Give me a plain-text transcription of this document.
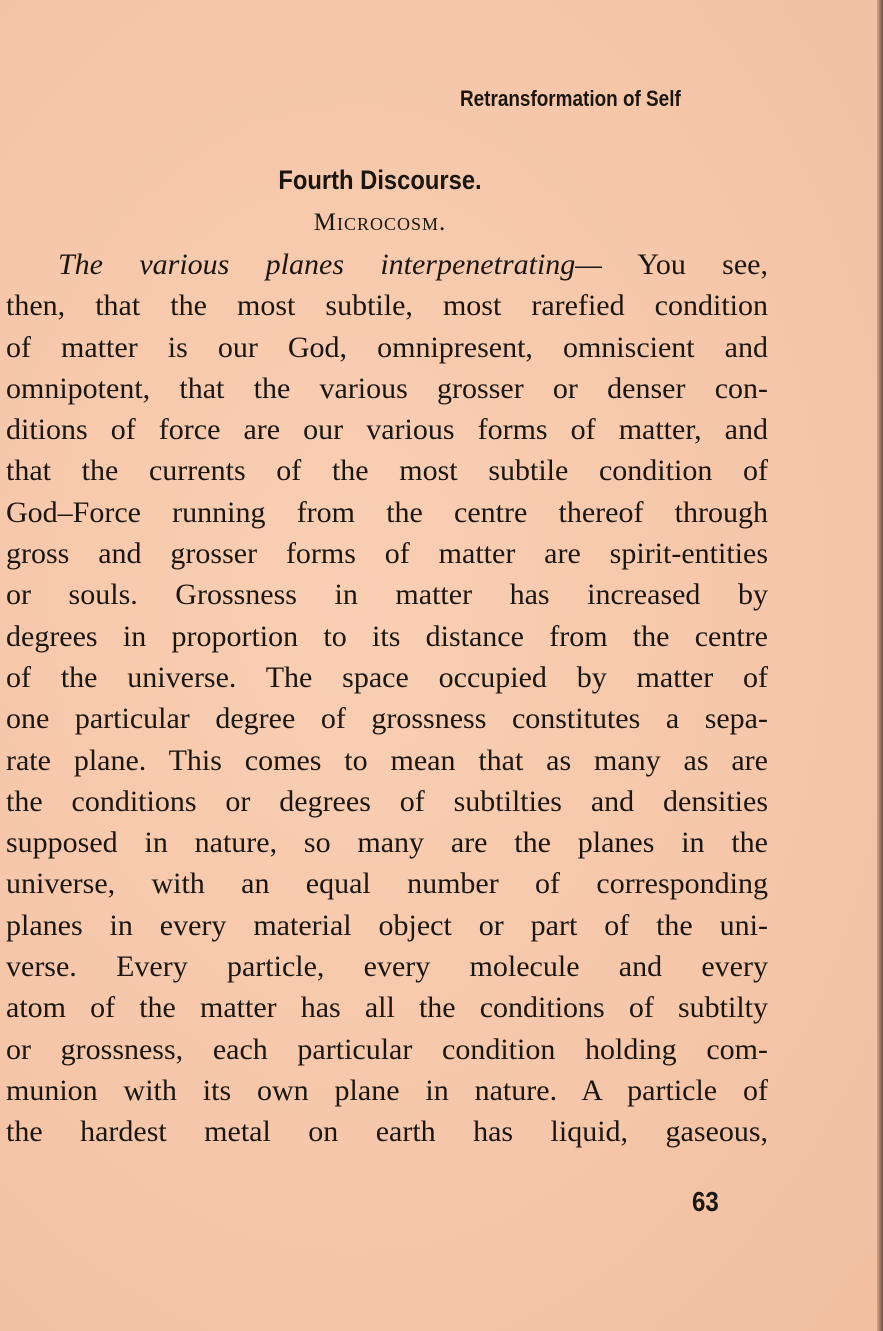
Retransformation of Self
Fourth Discourse.
Microcosm.
The various planes interpenetrating— You see,
then, that the most subtile, most rarefied condition
of matter is our God, omnipresent, omniscient and
omnipotent, that the various grosser or denser con-
ditions of force are our various forms of matter, and
that the currents of the most subtile condition of
God–Force running from the centre thereof through
gross and grosser forms of matter are spirit-entities
or souls. Grossness in matter has increased by
degrees in proportion to its distance from the centre
of the universe. The space occupied by matter of
one particular degree of grossness constitutes a sepa-
rate plane. This comes to mean that as many as are
the conditions or degrees of subtilties and densities
supposed in nature, so many are the planes in the
universe, with an equal number of corresponding
planes in every material object or part of the uni-
verse. Every particle, every molecule and every
atom of the matter has all the conditions of subtilty
or grossness, each particular condition holding com-
munion with its own plane in nature. A particle of
the hardest metal on earth has liquid, gaseous,
63
